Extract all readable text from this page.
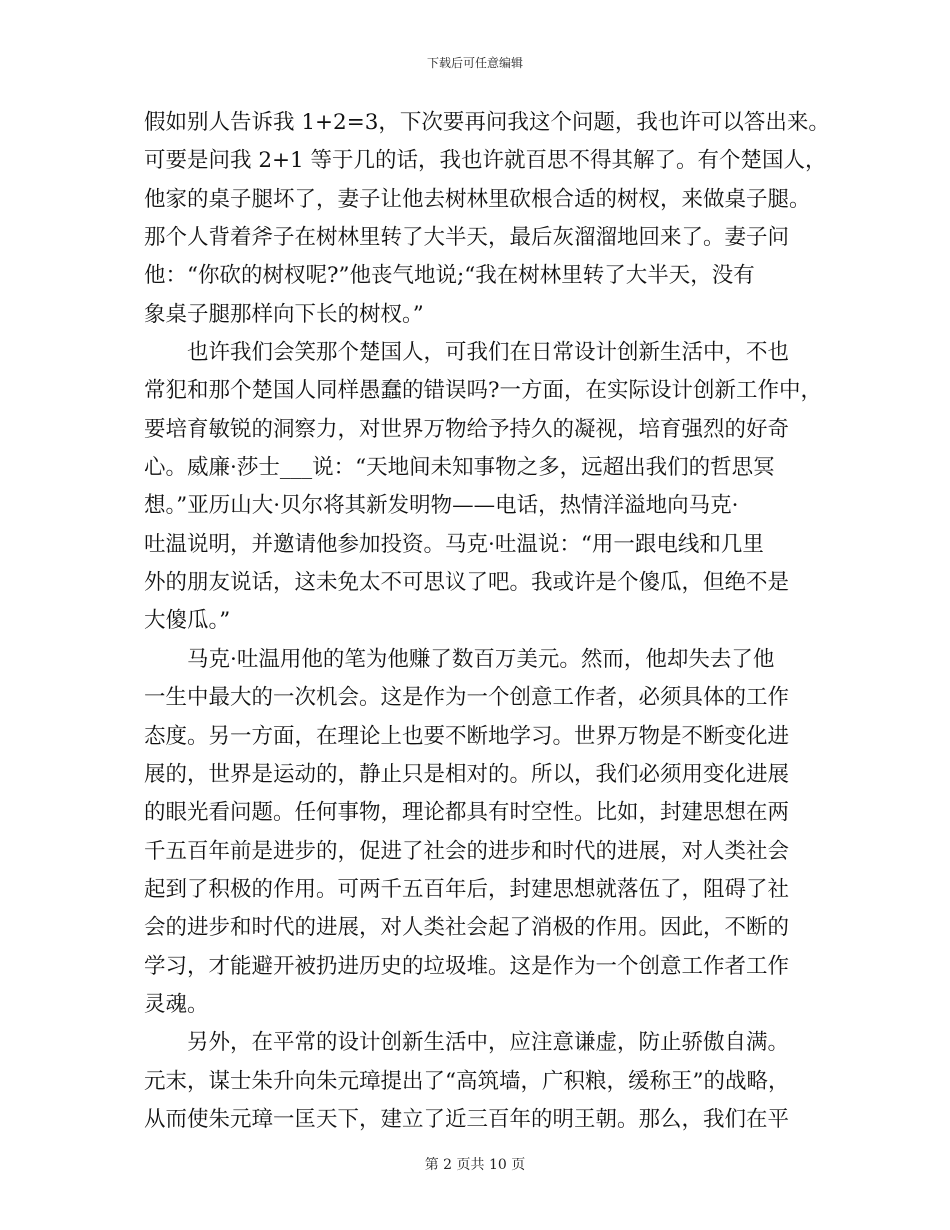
下载后可任意编辑
假如别人告诉我 1+2=3，下次要再问我这个问题，我也许可以答出来。
可要是问我 2+1 等于几的话，我也许就百思不得其解了。有个楚国人，
他家的桌子腿坏了，妻子让他去树林里砍根合适的树杈，来做桌子腿。
那个人背着斧子在树林里转了大半天，最后灰溜溜地回来了。妻子问
他：“你砍的树杈呢?”他丧气地说;“我在树林里转了大半天，没有
象桌子腿那样向下长的树杈。”
　　也许我们会笑那个楚国人，可我们在日常设计创新生活中，不也
常犯和那个楚国人同样愚蠢的错误吗?一方面，在实际设计创新工作中，
要培育敏锐的洞察力，对世界万物给予持久的凝视，培育强烈的好奇
心。威廉·莎士___说：“天地间未知事物之多，远超出我们的哲思冥
想。”亚历山大·贝尔将其新发明物——电话，热情洋溢地向马克·
吐温说明，并邀请他参加投资。马克·吐温说：“用一跟电线和几里
外的朋友说话，这未免太不可思议了吧。我或许是个傻瓜，但绝不是
大傻瓜。”
　　马克·吐温用他的笔为他赚了数百万美元。然而，他却失去了他
一生中最大的一次机会。这是作为一个创意工作者，必须具体的工作
态度。另一方面，在理论上也要不断地学习。世界万物是不断变化进
展的，世界是运动的，静止只是相对的。所以，我们必须用变化进展
的眼光看问题。任何事物，理论都具有时空性。比如，封建思想在两
千五百年前是进步的，促进了社会的进步和时代的进展，对人类社会
起到了积极的作用。可两千五百年后，封建思想就落伍了，阻碍了社
会的进步和时代的进展，对人类社会起了消极的作用。因此，不断的
学习，才能避开被扔进历史的垃圾堆。这是作为一个创意工作者工作
灵魂。
　　另外，在平常的设计创新生活中，应注意谦虚，防止骄傲自满。
元末，谋士朱升向朱元璋提出了“高筑墙，广积粮，缓称王”的战略，
从而使朱元璋一匡天下，建立了近三百年的明王朝。那么，我们在平
第 2 页共 10 页
